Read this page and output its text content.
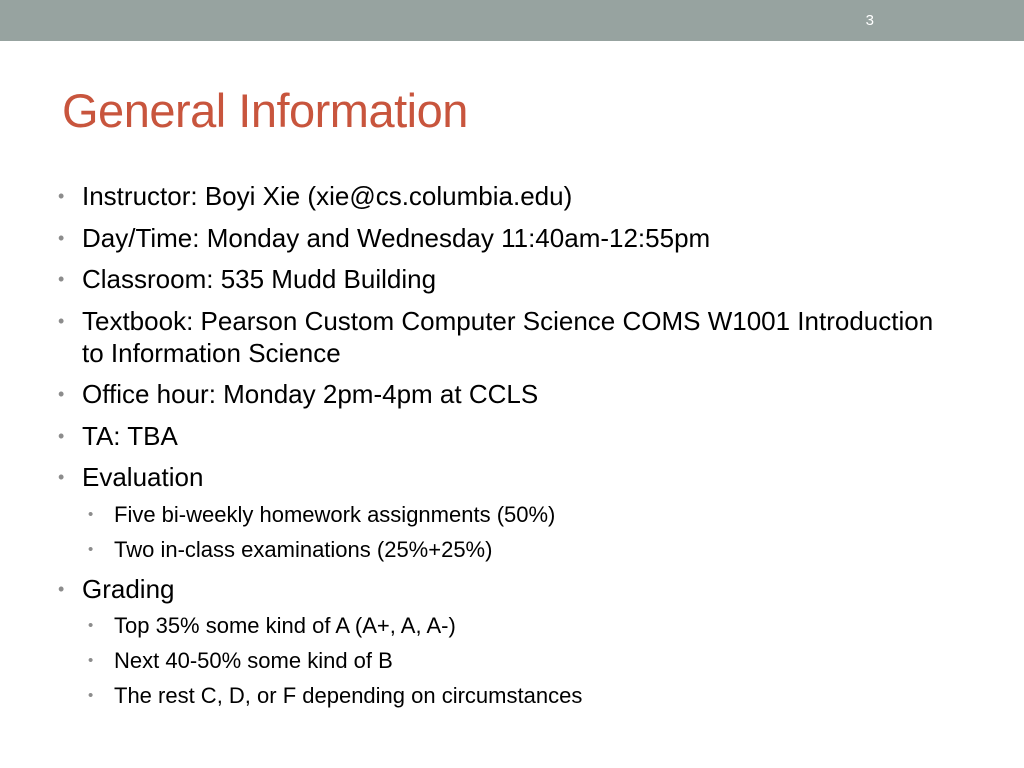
3
General Information
• Instructor: Boyi Xie (xie@cs.columbia.edu)
• Day/Time: Monday and Wednesday 11:40am-12:55pm
• Classroom: 535 Mudd Building
• Textbook: Pearson Custom Computer Science COMS W1001 Introduction to Information Science
• Office hour: Monday 2pm-4pm at CCLS
• TA: TBA
• Evaluation
• Five bi-weekly homework assignments (50%)
• Two in-class examinations (25%+25%)
• Grading
• Top 35% some kind of A (A+, A, A-)
• Next 40-50% some kind of B
• The rest C, D, or F depending on circumstances
